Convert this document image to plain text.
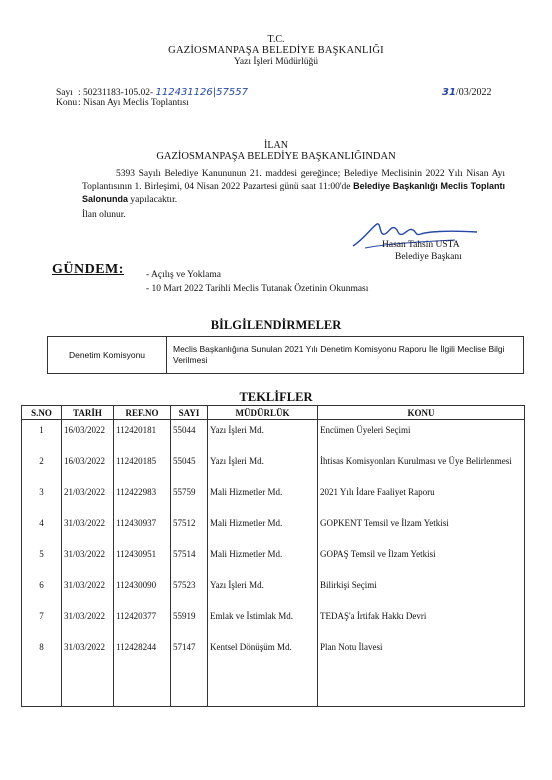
T.C.
GAZİOSMANPAŞA BELEDİYE BAŞKANLIĞI
Yazı İşleri Müdürlüğü
Sayı : 50231183-105.02- 112431126|57557
Konu: Nisan Ayı Meclis Toplantısı
31/03/2022
İLAN
GAZİOSMANPAŞA BELEDİYE BAŞKANLIĞINDAN
5393 Sayılı Belediye Kanununun 21. maddesi gereğince; Belediye Meclisinin 2022 Yılı Nisan Ayı Toplantısının 1. Birleşimi, 04 Nisan 2022 Pazartesi günü saat 11:00'de Belediye Başkanlığı Meclis Toplantı Salonunda yapılacaktır.
İlan olunur.
Hasan Tahsin USTA
Belediye Başkanı
GÜNDEM: - Açılış ve Yoklama
- 10 Mart 2022 Tarihli Meclis Tutanak Özetinin Okunması
BİLGİLENDİRMELER
Denetim Komisyonu	Meclis Başkanlığına Sunulan 2021 Yılı Denetim Komisyonu Raporu İle İlgili Meclise Bilgi Verilmesi
TEKLİFLER
S.NO	TARİH	REF.NO	SAYI	MÜDÜRLÜK	KONU
1	16/03/2022	112420181	55044	Yazı İşleri Md.	Encümen Üyeleri Seçimi
2	16/03/2022	112420185	55045	Yazı İşleri Md.	İhtisas Komisyonları Kurulması ve Üye Belirlenmesi
3	21/03/2022	112422983	55759	Mali Hizmetler Md.	2021 Yılı İdare Faaliyet Raporu
4	31/03/2022	112430937	57512	Mali Hizmetler Md.	GOPKENT Temsil ve İlzam Yetkisi
5	31/03/2022	112430951	57514	Mali Hizmetler Md.	GOPAŞ Temsil ve İlzam Yetkisi
6	31/03/2022	112430090	57523	Yazı İşleri Md.	Bilirkişi Seçimi
7	31/03/2022	112420377	55919	Emlak ve İstimlak Md.	TEDAŞ'a İrtifak Hakkı Devri
8	31/03/2022	112428244	57147	Kentsel Dönüşüm Md.	Plan Notu İlavesi
